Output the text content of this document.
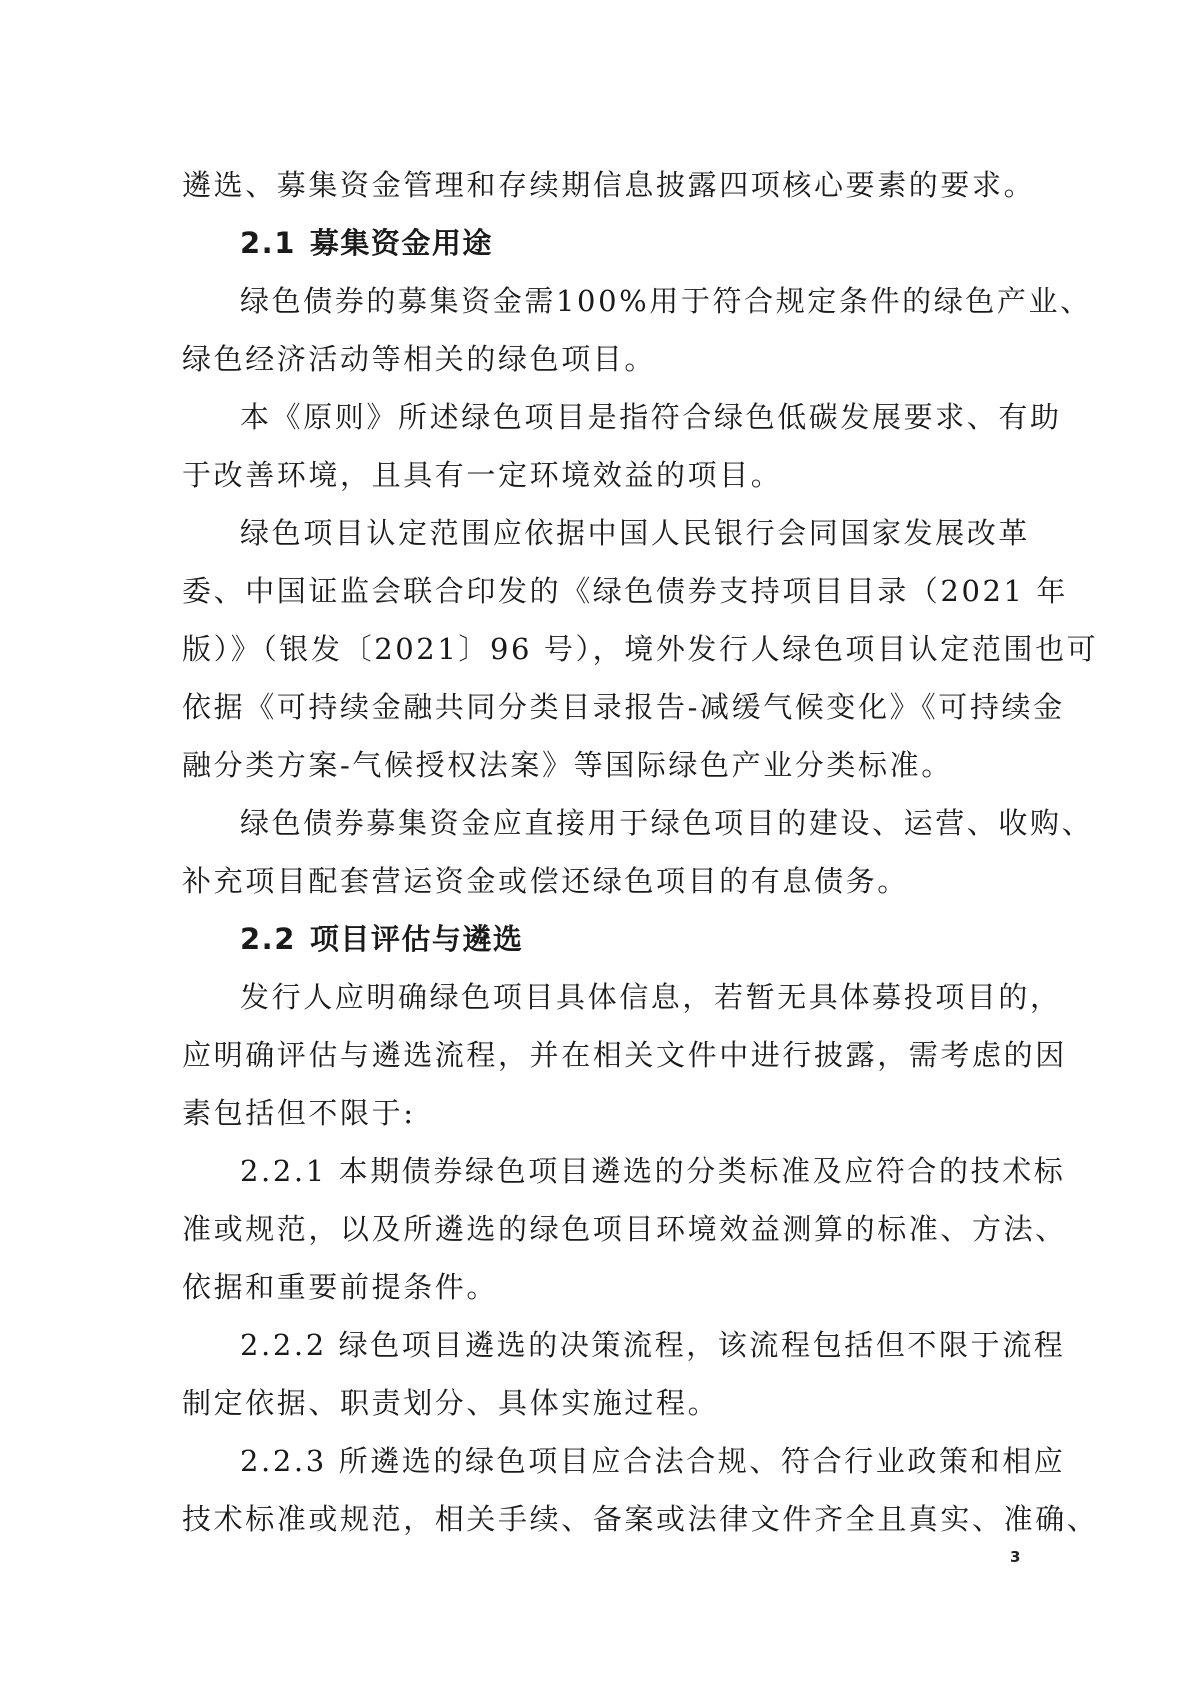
遴选、募集资金管理和存续期信息披露四项核心要素的要求。
2.1 募集资金用途
绿色债券的募集资金需100%用于符合规定条件的绿色产业、
绿色经济活动等相关的绿色项目。
本《原则》所述绿色项目是指符合绿色低碳发展要求、有助
于改善环境，且具有一定环境效益的项目。
绿色项目认定范围应依据中国人民银行会同国家发展改革
委、中国证监会联合印发的《绿色债券支持项目目录（2021 年
版）》（银发〔2021〕96 号），境外发行人绿色项目认定范围也可
依据《可持续金融共同分类目录报告-减缓气候变化》《可持续金
融分类方案-气候授权法案》等国际绿色产业分类标准。
绿色债券募集资金应直接用于绿色项目的建设、运营、收购、
补充项目配套营运资金或偿还绿色项目的有息债务。
2.2 项目评估与遴选
发行人应明确绿色项目具体信息，若暂无具体募投项目的，
应明确评估与遴选流程，并在相关文件中进行披露，需考虑的因
素包括但不限于:
2.2.1 本期债券绿色项目遴选的分类标准及应符合的技术标
准或规范，以及所遴选的绿色项目环境效益测算的标准、方法、
依据和重要前提条件。
2.2.2 绿色项目遴选的决策流程，该流程包括但不限于流程
制定依据、职责划分、具体实施过程。
2.2.3 所遴选的绿色项目应合法合规、符合行业政策和相应
技术标准或规范，相关手续、备案或法律文件齐全且真实、准确、
3
